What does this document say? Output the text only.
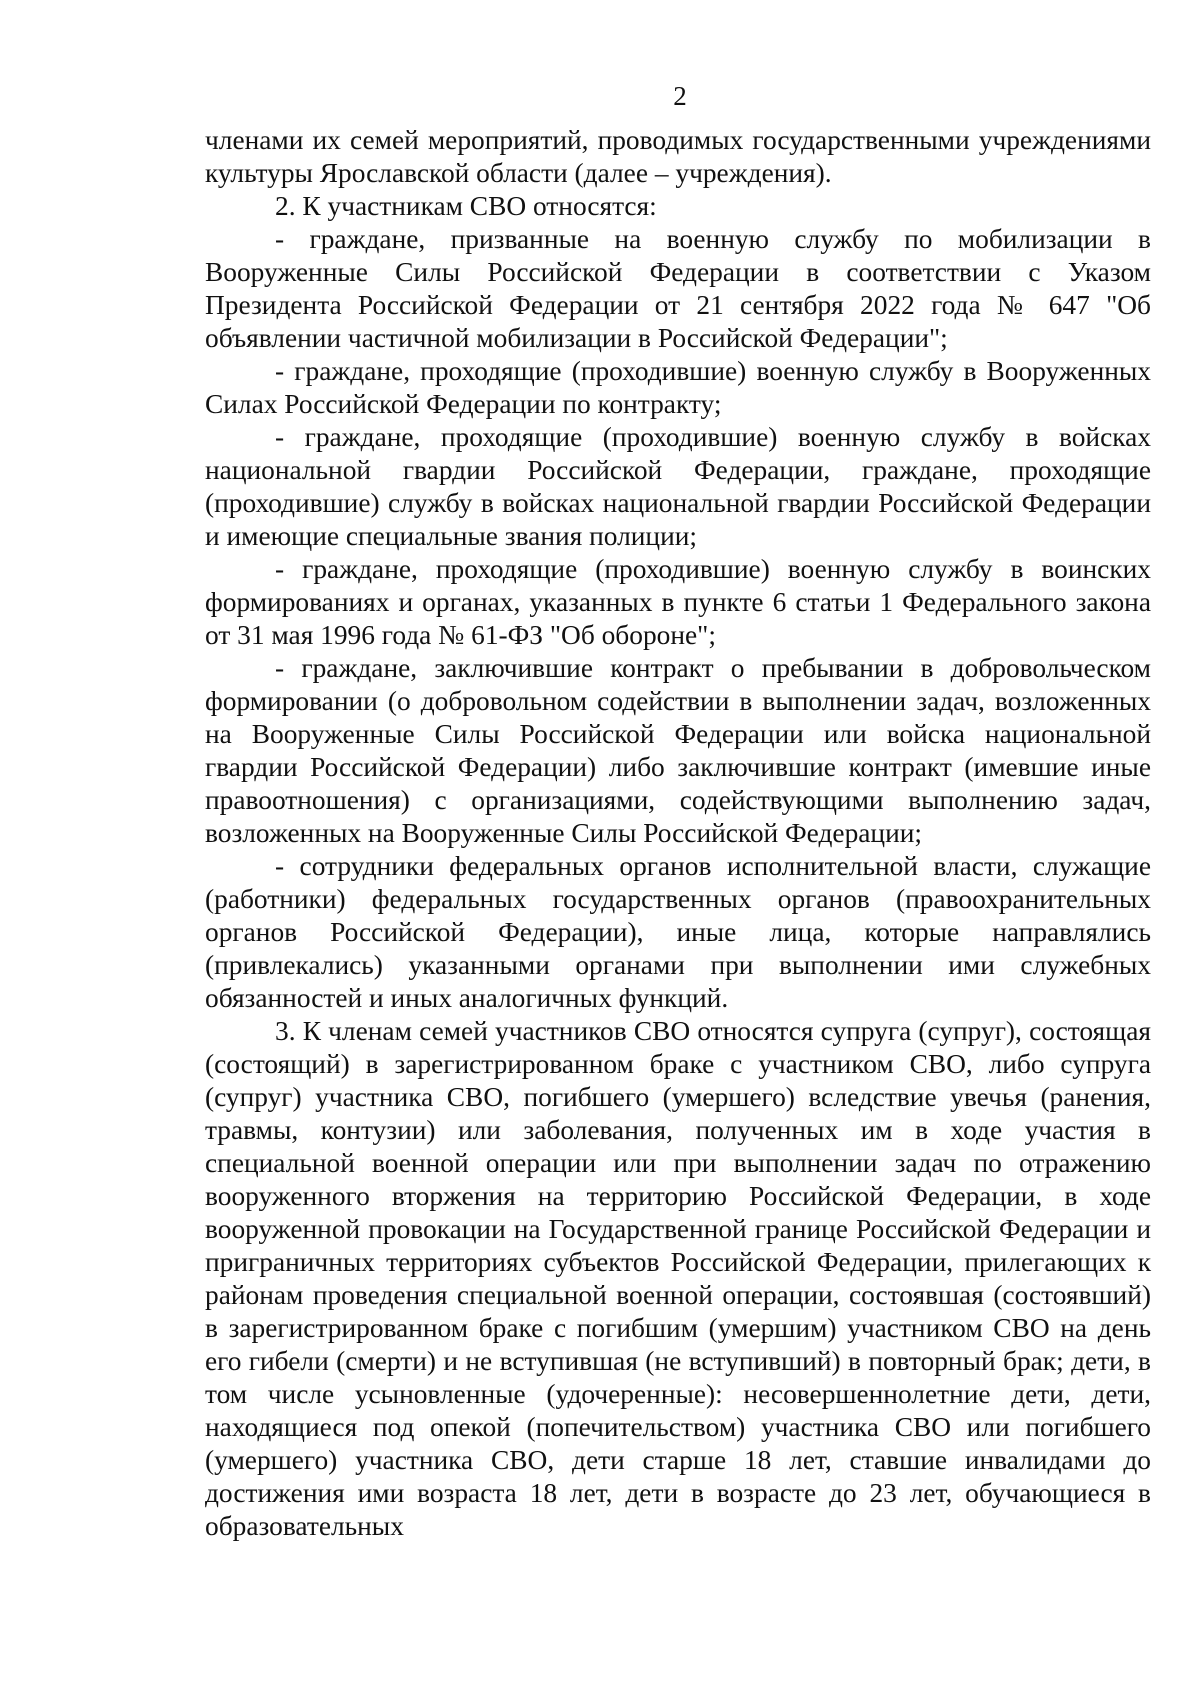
2

членами их семей мероприятий, проводимых государственными учреждениями культуры Ярославской области (далее – учреждения).

2. К участникам СВО относятся:

- граждане, призванные на военную службу по мобилизации в Вооруженные Силы Российской Федерации в соответствии с Указом Президента Российской Федерации от 21 сентября 2022 года № 647 "Об объявлении частичной мобилизации в Российской Федерации";

- граждане, проходящие (проходившие) военную службу в Вооруженных Силах Российской Федерации по контракту;

- граждане, проходящие (проходившие) военную службу в войсках национальной гвардии Российской Федерации, граждане, проходящие (проходившие) службу в войсках национальной гвардии Российской Федерации и имеющие специальные звания полиции;

- граждане, проходящие (проходившие) военную службу в воинских формированиях и органах, указанных в пункте 6 статьи 1 Федерального закона от 31 мая 1996 года № 61-ФЗ "Об обороне";

- граждане, заключившие контракт о пребывании в добровольческом формировании (о добровольном содействии в выполнении задач, возложенных на Вооруженные Силы Российской Федерации или войска национальной гвардии Российской Федерации) либо заключившие контракт (имевшие иные правоотношения) с организациями, содействующими выполнению задач, возложенных на Вооруженные Силы Российской Федерации;

- сотрудники федеральных органов исполнительной власти, служащие (работники) федеральных государственных органов (правоохранительных органов Российской Федерации), иные лица, которые направлялись (привлекались) указанными органами при выполнении ими служебных обязанностей и иных аналогичных функций.

3. К членам семей участников СВО относятся супруга (супруг), состоящая (состоящий) в зарегистрированном браке с участником СВО, либо супруга (супруг) участника СВО, погибшего (умершего) вследствие увечья (ранения, травмы, контузии) или заболевания, полученных им в ходе участия в специальной военной операции или при выполнении задач по отражению вооруженного вторжения на территорию Российской Федерации, в ходе вооруженной провокации на Государственной границе Российской Федерации и приграничных территориях субъектов Российской Федерации, прилегающих к районам проведения специальной военной операции, состоявшая (состоявший) в зарегистрированном браке с погибшим (умершим) участником СВО на день его гибели (смерти) и не вступившая (не вступивший) в повторный брак; дети, в том числе усыновленные (удочеренные): несовершеннолетние дети, дети, находящиеся под опекой (попечительством) участника СВО или погибшего (умершего) участника СВО, дети старше 18 лет, ставшие инвалидами до достижения ими возраста 18 лет, дети в возрасте до 23 лет, обучающиеся в образовательных
